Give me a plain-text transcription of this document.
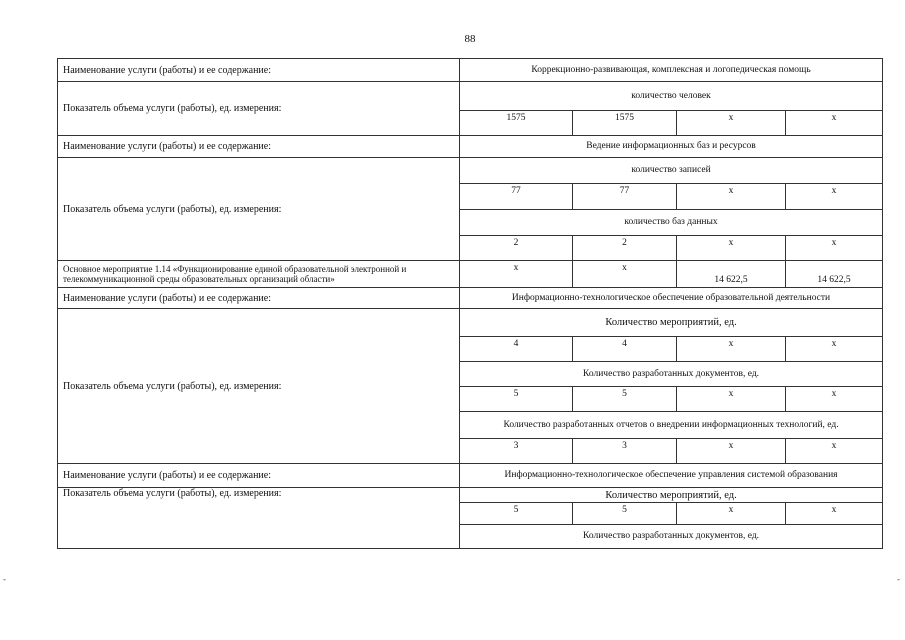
88
Наименование услуги (работы) и ее содержание:	Коррекционно-развивающая, комплексная и логопедическая помощь			
Показатель объема услуги (работы), ед. измерения:	количество человек			
	1575	1575	х	х
Наименование услуги (работы) и ее содержание:	Ведение информационных баз и ресурсов			
Показатель объема услуги (работы), ед. измерения:	количество записей			
	77	77	х	х
	количество баз данных			
	2	2	х	х
Основное мероприятие 1.14 «Функционирование единой образовательной электронной и телекоммуникационной среды образовательных организаций области»	х	х	14 622,5	14 622,5
Наименование услуги (работы) и ее содержание:	Информационно-технологическое обеспечение образовательной деятельности			
Показатель объема услуги (работы), ед. измерения:	Количество мероприятий, ед.			
	4	4	х	х
	Количество разработанных документов, ед.			
	5	5	х	х
	Количество разработанных отчетов о внедрении информационных технологий, ед.			
	3	3	х	х
Наименование услуги (работы) и ее содержание:	Информационно-технологическое обеспечение управления системой образования			
Показатель объема услуги (работы), ед. измерения:	Количество мероприятий, ед.			
	5	5	х	х
	Количество разработанных документов, ед.			
-	-
